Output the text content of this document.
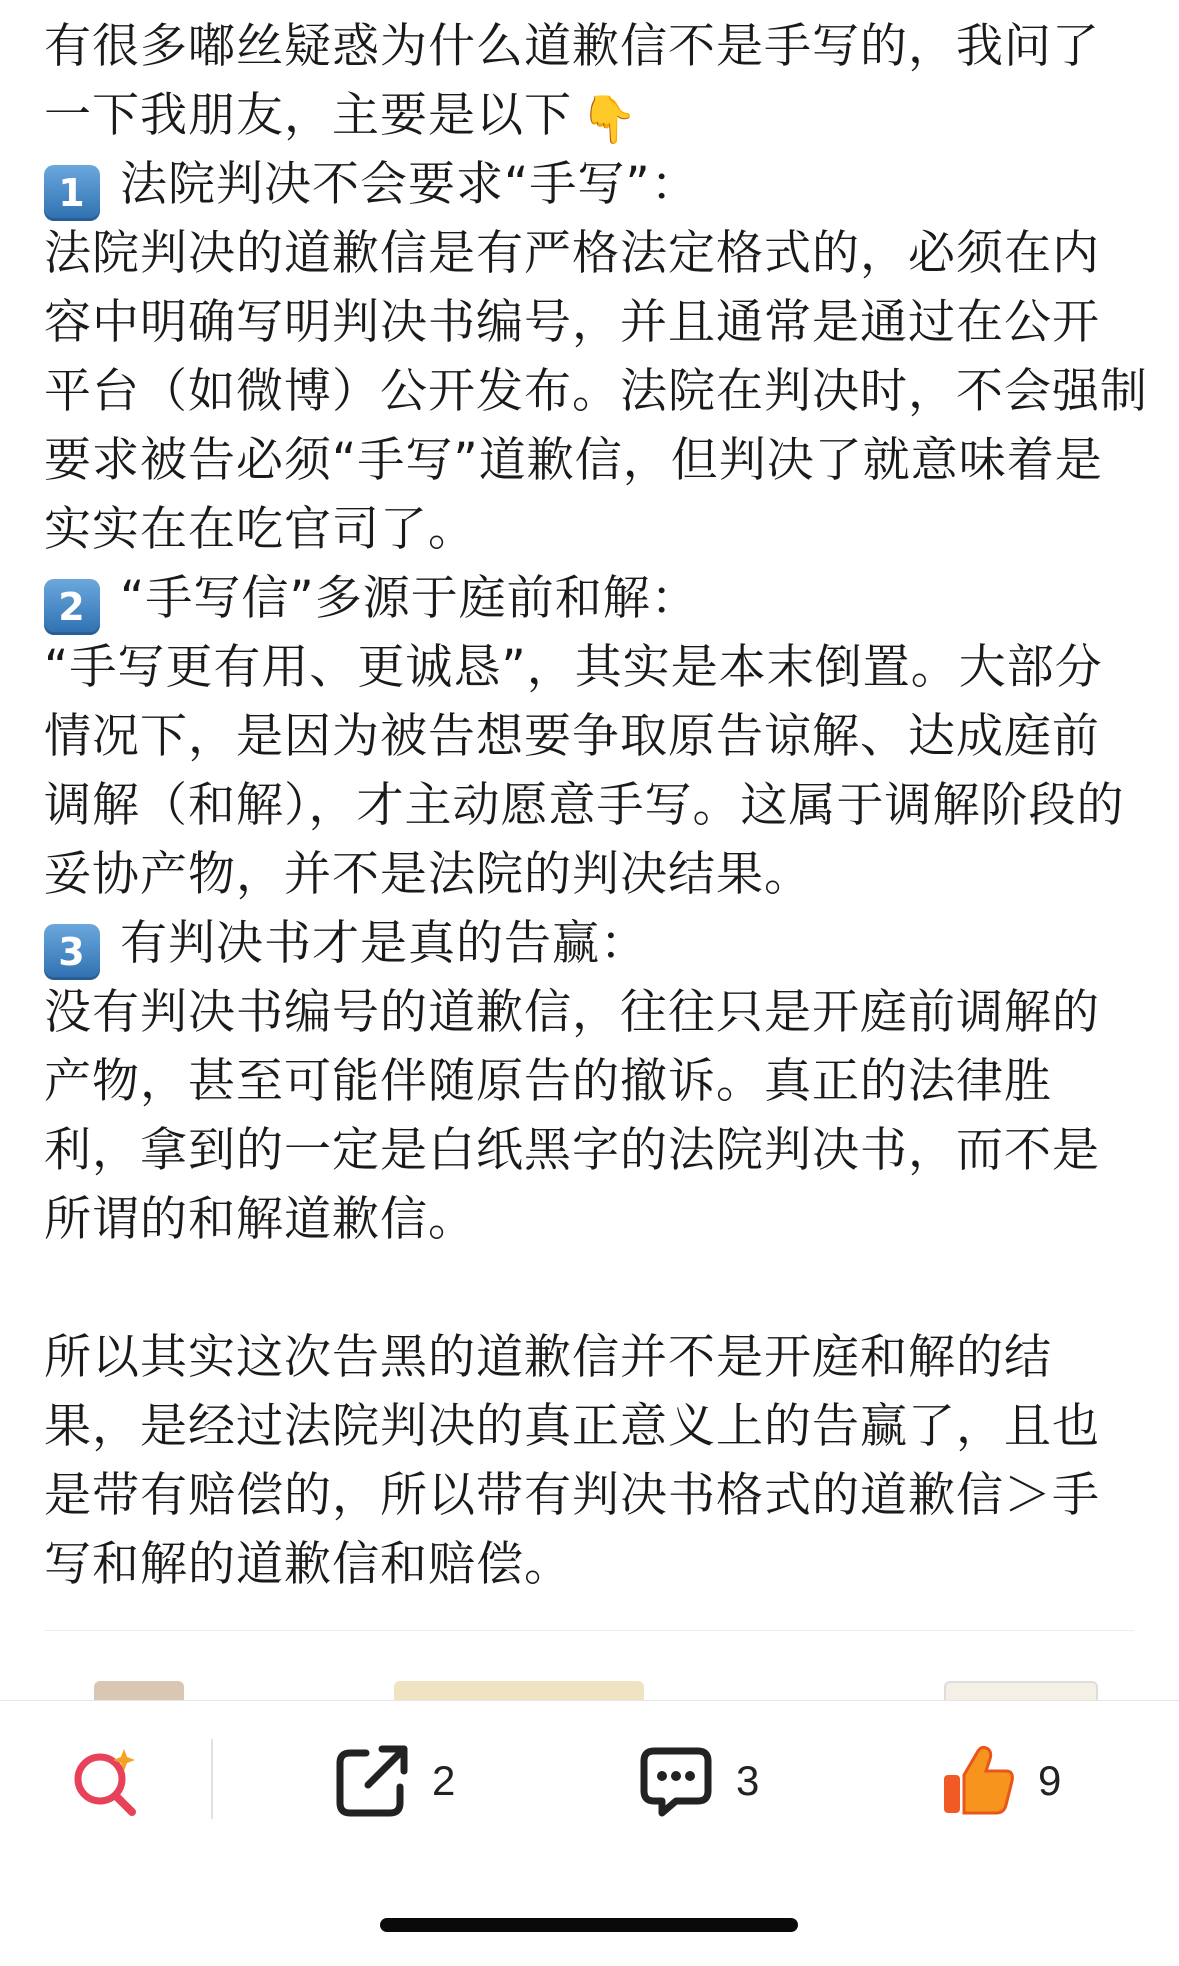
有很多嘟丝疑惑为什么道歉信不是手写的，我问了
一下我朋友，主要是以下 👇
1 法院判决不会要求“手写”：
法院判决的道歉信是有严格法定格式的，必须在内
容中明确写明判决书编号，并且通常是通过在公开
平台（如微博）公开发布。法院在判决时，不会强制
要求被告必须“手写”道歉信，但判决了就意味着是
实实在在吃官司了。
2 “手写信”多源于庭前和解：
“手写更有用、更诚恳”，其实是本末倒置。大部分
情况下，是因为被告想要争取原告谅解、达成庭前
调解（和解），才主动愿意手写。这属于调解阶段的
妥协产物，并不是法院的判决结果。
3 有判决书才是真的告赢：
没有判决书编号的道歉信，往往只是开庭前调解的
产物，甚至可能伴随原告的撤诉。真正的法律胜
利，拿到的一定是白纸黑字的法院判决书，而不是
所谓的和解道歉信。
所以其实这次告黑的道歉信并不是开庭和解的结
果，是经过法院判决的真正意义上的告赢了，且也
是带有赔偿的，所以带有判决书格式的道歉信＞手
写和解的道歉信和赔偿。
2	3	9
